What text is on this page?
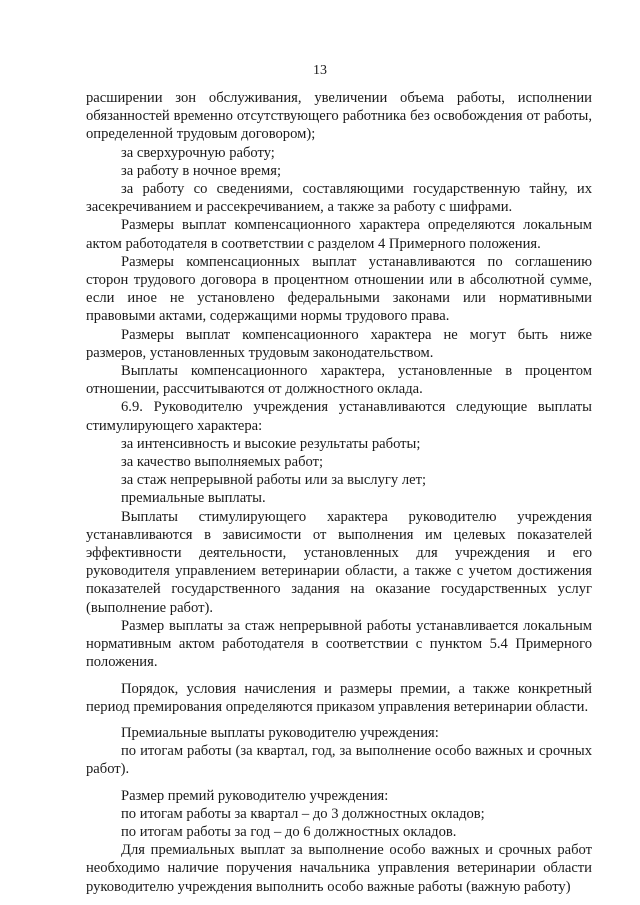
13

расширении зон обслуживания, увеличении объема работы, исполнении обязанностей временно отсутствующего работника без освобождения от работы, определенной трудовым договором);

за сверхурочную работу;

за работу в ночное время;

за работу со сведениями, составляющими государственную тайну, их засекречиванием и рассекречиванием, а также за работу с шифрами.

Размеры выплат компенсационного характера определяются локальным актом работодателя в соответствии с разделом 4 Примерного положения.

Размеры компенсационных выплат устанавливаются по соглашению сторон трудового договора в процентном отношении или в абсолютной сумме, если иное не установлено федеральными законами или нормативными правовыми актами, содержащими нормы трудового права.

Размеры выплат компенсационного характера не могут быть ниже размеров, установленных трудовым законодательством.

Выплаты компенсационного характера, установленные в процентом отношении, рассчитываются от должностного оклада.

6.9. Руководителю учреждения устанавливаются следующие выплаты стимулирующего характера:

за интенсивность и высокие результаты работы;

за качество выполняемых работ;

за стаж непрерывной работы или за выслугу лет;

премиальные выплаты.

Выплаты стимулирующего характера руководителю учреждения устанавливаются в зависимости от выполнения им целевых показателей эффективности деятельности, установленных для учреждения и его руководителя управлением ветеринарии области, а также с учетом достижения показателей государственного задания на оказание государственных услуг (выполнение работ).

Размер выплаты за стаж непрерывной работы устанавливается локальным нормативным актом работодателя в соответствии с пунктом 5.4 Примерного положения.

Порядок, условия начисления и размеры премии, а также конкретный период премирования определяются приказом управления ветеринарии области.

Премиальные выплаты руководителю учреждения:

по итогам работы (за квартал, год, за выполнение особо важных и срочных работ).

Размер премий руководителю учреждения:

по итогам работы за квартал – до 3 должностных окладов;

по итогам работы за год – до 6 должностных окладов.

Для премиальных выплат за выполнение особо важных и срочных работ необходимо наличие поручения начальника управления ветеринарии области руководителю учреждения выполнить особо важные работы (важную работу)
